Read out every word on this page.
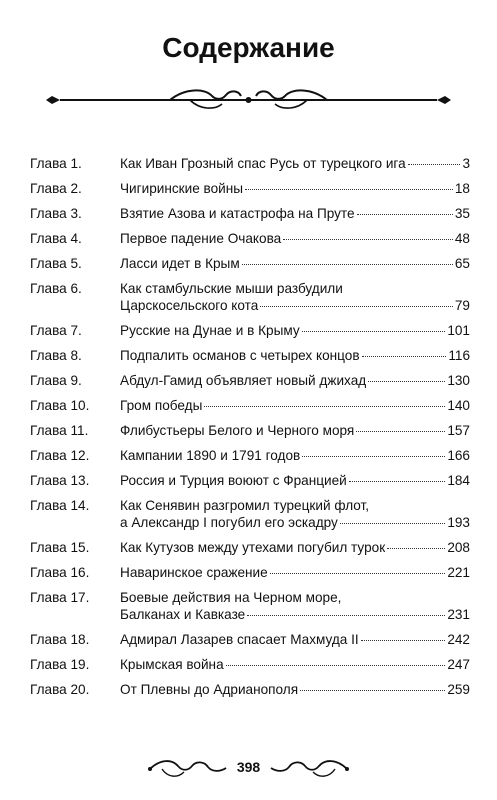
Содержание
Глава 1.	Как Иван Грозный спас Русь от турецкого ига	3
Глава 2.	Чигиринские войны	18
Глава 3.	Взятие Азова и катастрофа на Пруте	35
Глава 4.	Первое падение Очакова	48
Глава 5.	Ласси идет в Крым	65
Глава 6.	Как стамбульские мыши разбудили
Царскосельского кота	79
Глава 7.	Русские на Дунае и в Крыму	101
Глава 8.	Подпалить османов с четырех концов	116
Глава 9.	Абдул-Гамид объявляет новый джихад	130
Глава 10.	Гром победы	140
Глава 11.	Флибустьеры Белого и Черного моря	157
Глава 12.	Кампании 1890 и 1791 годов	166
Глава 13.	Россия и Турция воюют с Францией	184
Глава 14.	Как Сенявин разгромил турецкий флот,
а Александр I погубил его эскадру	193
Глава 15.	Как Кутузов между утехами погубил турок	208
Глава 16.	Наваринское сражение	221
Глава 17.	Боевые действия на Черном море,
Балканах и Кавказе	231
Глава 18.	Адмирал Лазарев спасает Махмуда II	242
Глава 19.	Крымская война	247
Глава 20.	От Плевны до Адрианополя	259
398
